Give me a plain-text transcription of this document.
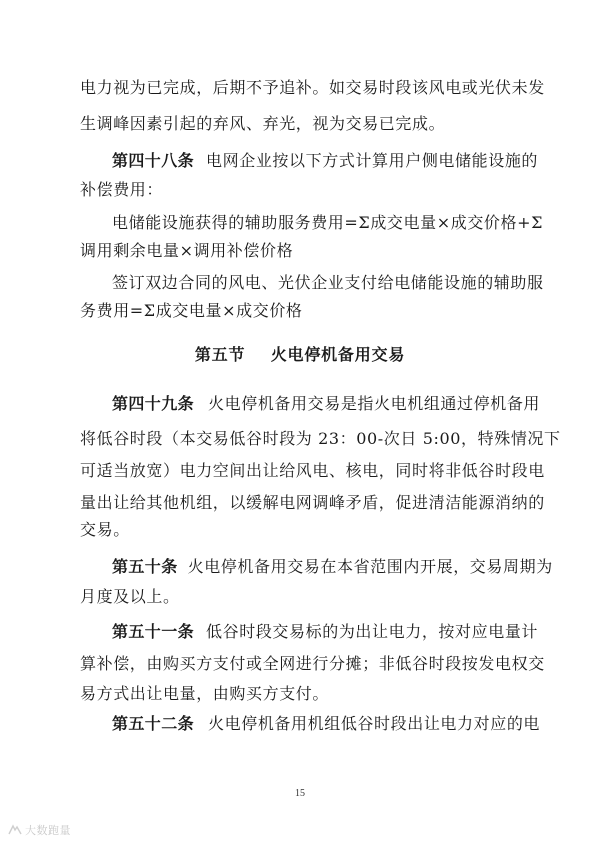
电力视为已完成，后期不予追补。如交易时段该风电或光伏未发
生调峰因素引起的弃风、弃光，视为交易已完成。
第四十八条 电网企业按以下方式计算用户侧电储能设施的
补偿费用：
电储能设施获得的辅助服务费用=Σ成交电量×成交价格+Σ
调用剩余电量×调用补偿价格
签订双边合同的风电、光伏企业支付给电储能设施的辅助服
务费用=Σ成交电量×成交价格
第五节    火电停机备用交易
第四十九条 火电停机备用交易是指火电机组通过停机备用
将低谷时段（本交易低谷时段为 23：00-次日 5:00，特殊情况下
可适当放宽）电力空间出让给风电、核电，同时将非低谷时段电
量出让给其他机组，以缓解电网调峰矛盾，促进清洁能源消纳的
交易。
第五十条 火电停机备用交易在本省范围内开展，交易周期为
月度及以上。
第五十一条 低谷时段交易标的为出让电力，按对应电量计
算补偿，由购买方支付或全网进行分摊；非低谷时段按发电权交
易方式出让电量，由购买方支付。
第五十二条 火电停机备用机组低谷时段出让电力对应的电
15
大数跑量
